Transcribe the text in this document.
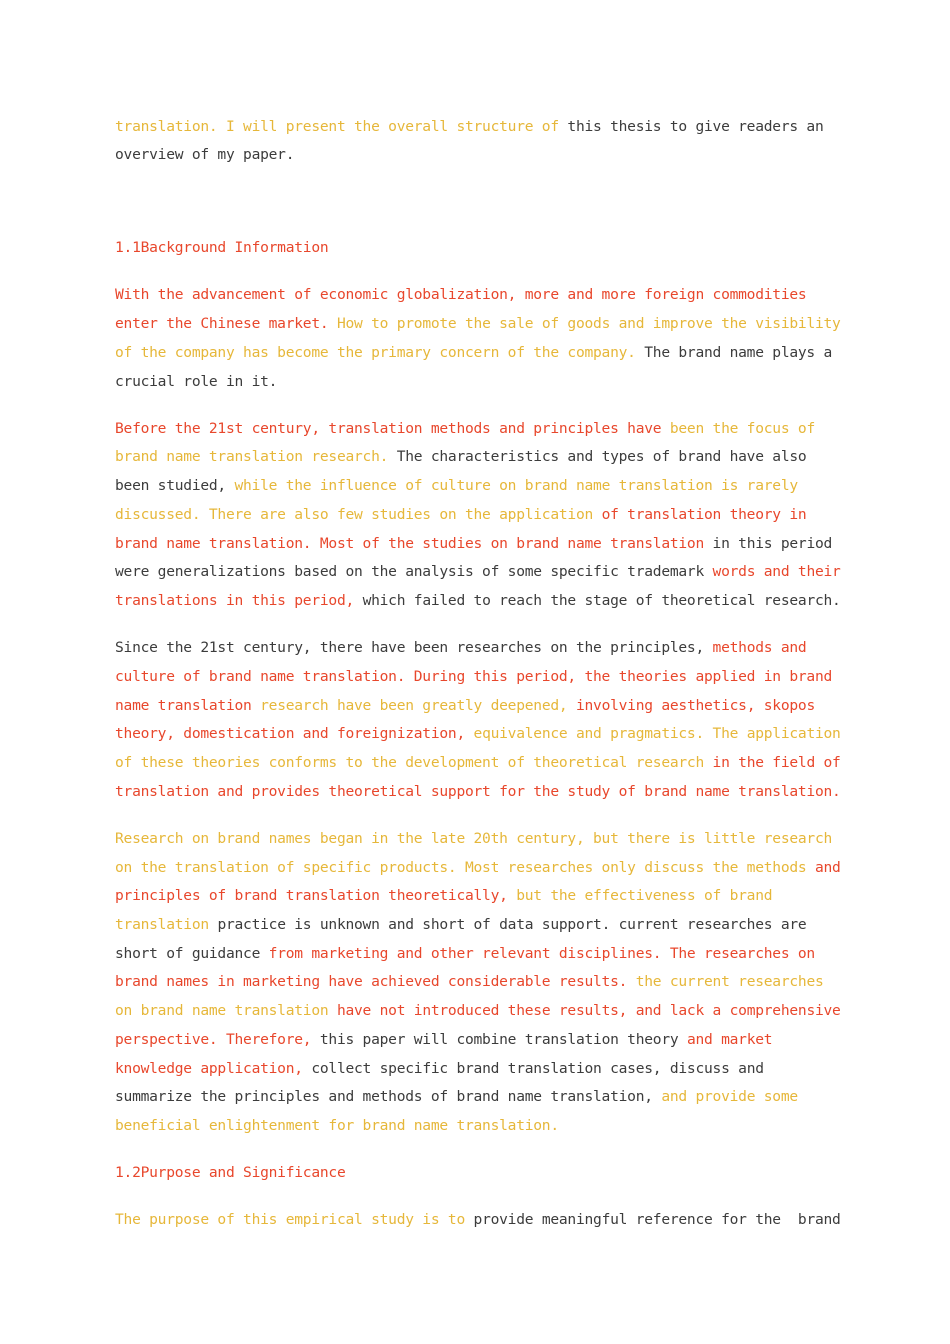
translation. I will present the overall structure of this thesis to give readers an
overview of my paper.
1.1Background Information
With the advancement of economic globalization, more and more foreign commodities
enter the Chinese market. How to promote the sale of goods and improve the visibility
of the company has become the primary concern of the company. The brand name plays a
crucial role in it.
Before the 21st century, translation methods and principles have been the focus of
brand name translation research. The characteristics and types of brand have also
been studied, while the influence of culture on brand name translation is rarely
discussed. There are also few studies on the application of translation theory in
brand name translation. Most of the studies on brand name translation in this period
were generalizations based on the analysis of some specific trademark words and their
translations in this period, which failed to reach the stage of theoretical research.
Since the 21st century, there have been researches on the principles, methods and
culture of brand name translation. During this period, the theories applied in brand
name translation research have been greatly deepened, involving aesthetics, skopos
theory, domestication and foreignization, equivalence and pragmatics. The application
of these theories conforms to the development of theoretical research in the field of
translation and provides theoretical support for the study of brand name translation.
Research on brand names began in the late 20th century, but there is little research
on the translation of specific products. Most researches only discuss the methods and
principles of brand translation theoretically, but the effectiveness of brand
translation practice is unknown and short of data support. current researches are
short of guidance from marketing and other relevant disciplines. The researches on
brand names in marketing have achieved considerable results. the current researches
on brand name translation have not introduced these results, and lack a comprehensive
perspective. Therefore, this paper will combine translation theory and market
knowledge application, collect specific brand translation cases, discuss and
summarize the principles and methods of brand name translation, and provide some
beneficial enlightenment for brand name translation.
1.2Purpose and Significance
The purpose of this empirical study is to provide meaningful reference for the  brand
